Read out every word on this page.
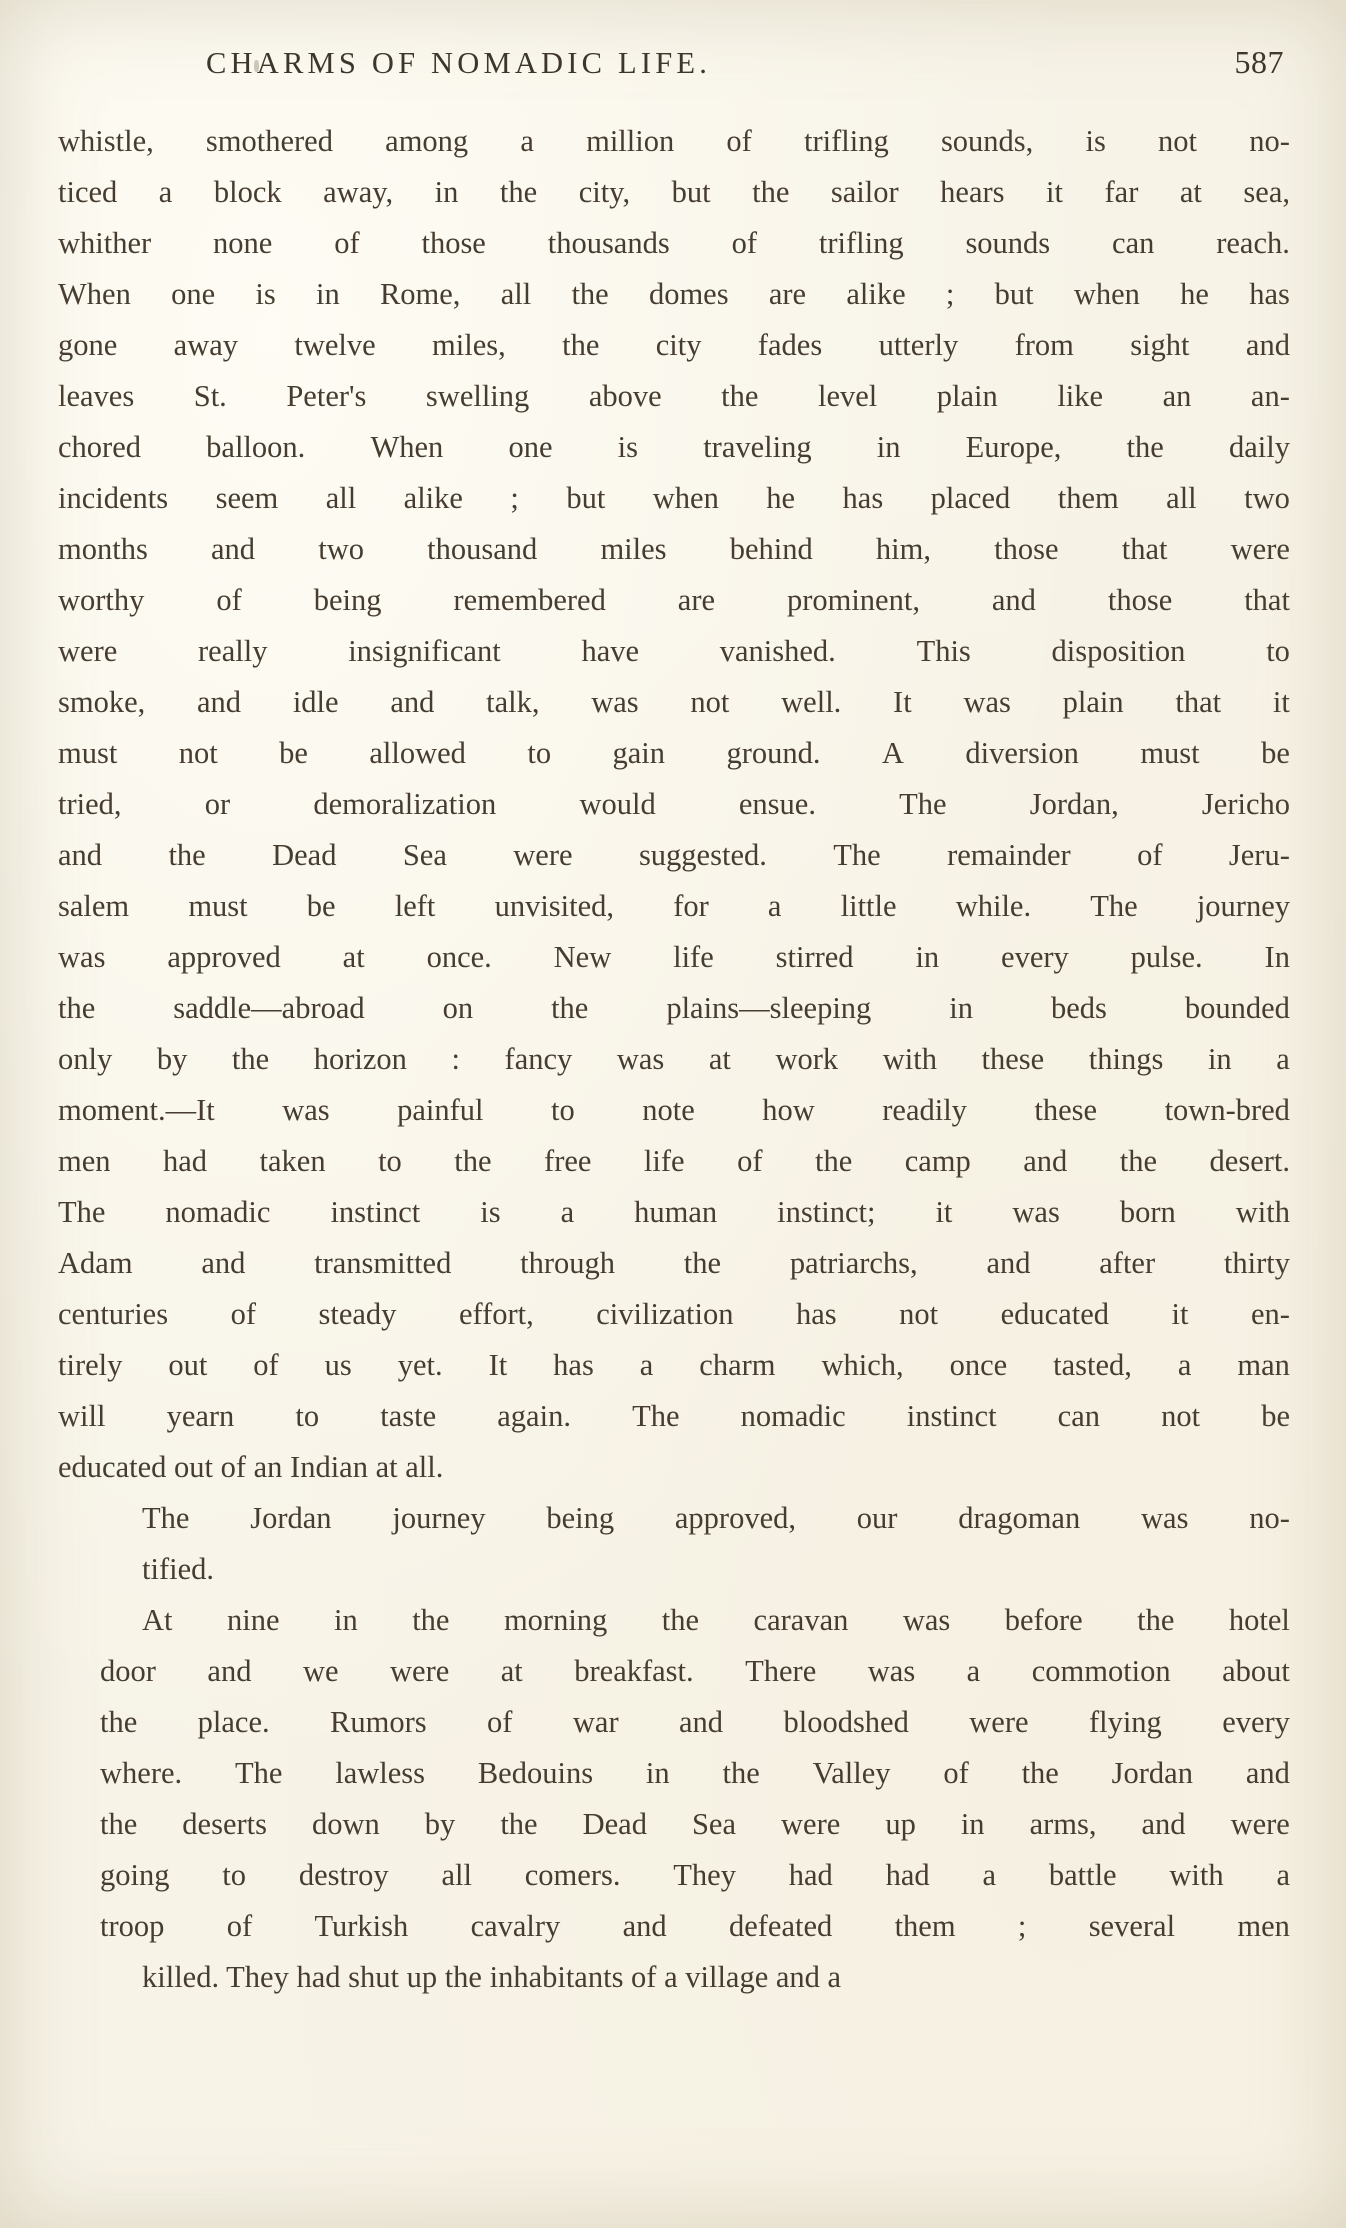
CHARMS OF NOMADIC LIFE.	587

whistle, smothered among a million of trifling sounds, is not no-
ticed a block away, in the city, but the sailor hears it far at sea,
whither none of those thousands of trifling sounds can reach.
When one is in Rome, all the domes are alike ; but when he has
gone away twelve miles, the city fades utterly from sight and
leaves St. Peter's swelling above the level plain like an an-
chored balloon. When one is traveling in Europe, the daily
incidents seem all alike ; but when he has placed them all two
months and two thousand miles behind him, those that were
worthy of being remembered are prominent, and those that
were	really	insignificant	have	vanished.	This	disposition	to
smoke, and idle and talk, was not well. It was plain that it
must not be allowed to gain ground. A diversion must be
tried,	or	demoralization	would	ensue.	The	Jordan,	Jericho
and the Dead Sea were suggested. The remainder of Jeru-
salem must be left unvisited, for a little while. The journey
was approved at once. New life stirred in every pulse. In
the	saddle—abroad	on	the	plains—sleeping	in	beds	bounded
only by the horizon : fancy was at work with these things in a
moment.—It was painful to note how readily these town-bred
men had taken to the free life of the camp and the desert.
The nomadic instinct is a human instinct; it was born with
Adam and transmitted through the patriarchs, and after thirty
centuries of steady effort, civilization has not educated it en-
tirely out of us yet. It has a charm which, once tasted, a man
will yearn to taste again. The nomadic instinct can not be
educated out of an Indian at all.

The	Jordan	journey	being	approved,	our	dragoman	was	no-
tified.

At	nine	in	the	morning	the	caravan	was	before	the	hotel
door	and	we	were	at	breakfast.	There	was	a	commotion	about
the	place.	Rumors	of	war	and	bloodshed	were	flying	every
where.	The	lawless	Bedouins	in	the	Valley	of	the	Jordan	and
the	deserts	down	by	the	Dead	Sea	were	up	in	arms,	and	were
going	to	destroy	all	comers.	They	had	had	a	battle	with	a
troop	of	Turkish	cavalry	and	defeated	them	;	several	men
killed. They had shut up the inhabitants of a village and a
